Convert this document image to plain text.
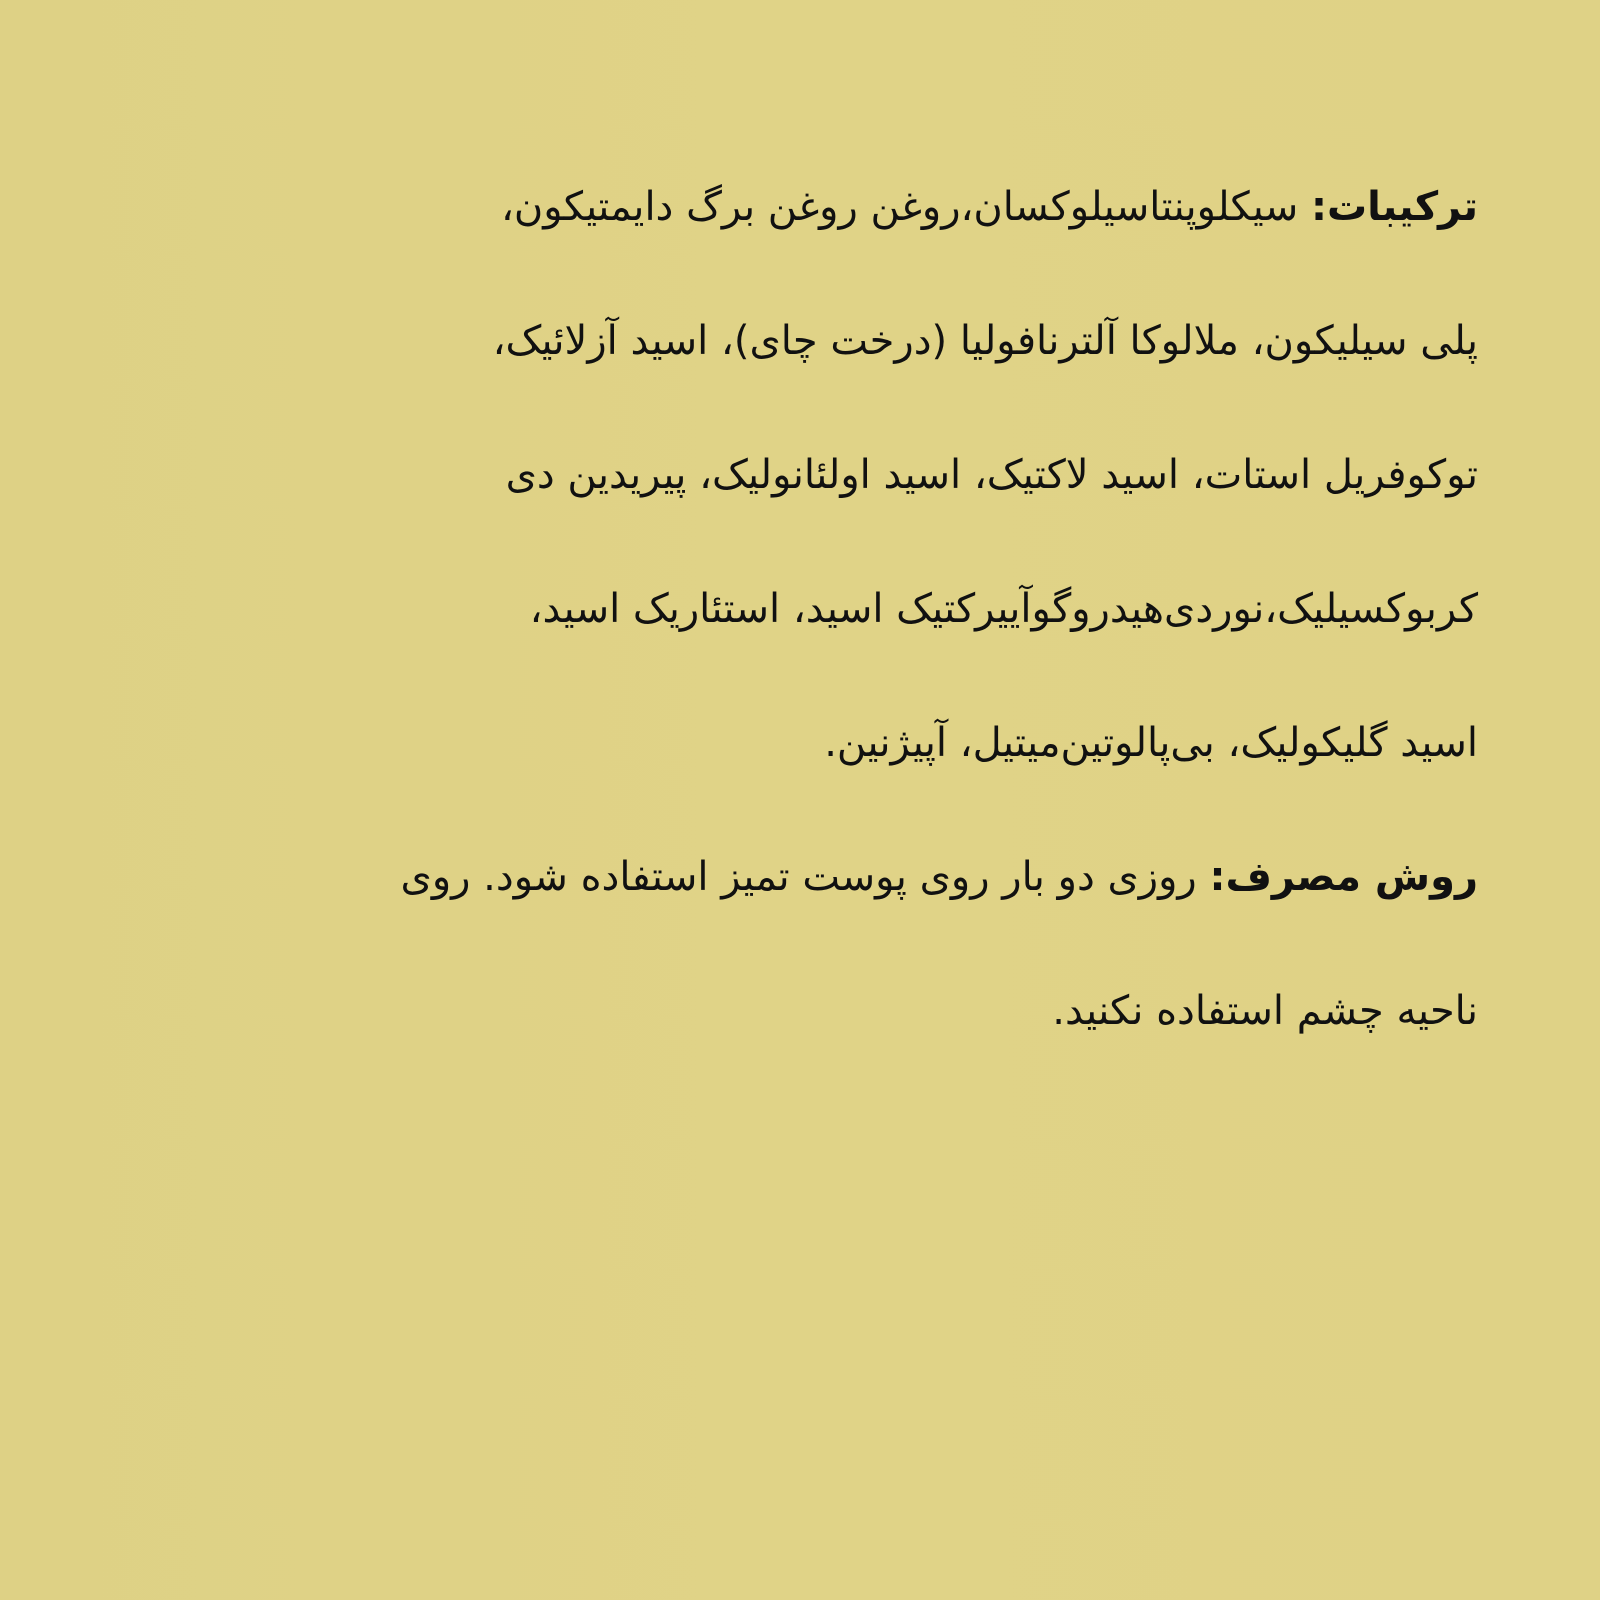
ترکیبات: سیکلوپنتاسیلوکسان،روغن روغن برگ دایمتیکون،
پلی سیلیکون، ملالوکا آلترنافولیا (درخت چای)، اسید آزلائیک،
توکوفریل استات، اسید لاکتیک، اسید اولئانولیک، پیریدین دی
کربوکسیلیک،نوردی‌هیدروگوآییرکتیک اسید، استئاریک اسید،
اسید گلیکولیک، بی‌پالوتین‌میتیل، آپیژنین.
روش مصرف: روزی دو بار روی پوست تمیز استفاده شود. روی
ناحیه چشم استفاده نکنید.
